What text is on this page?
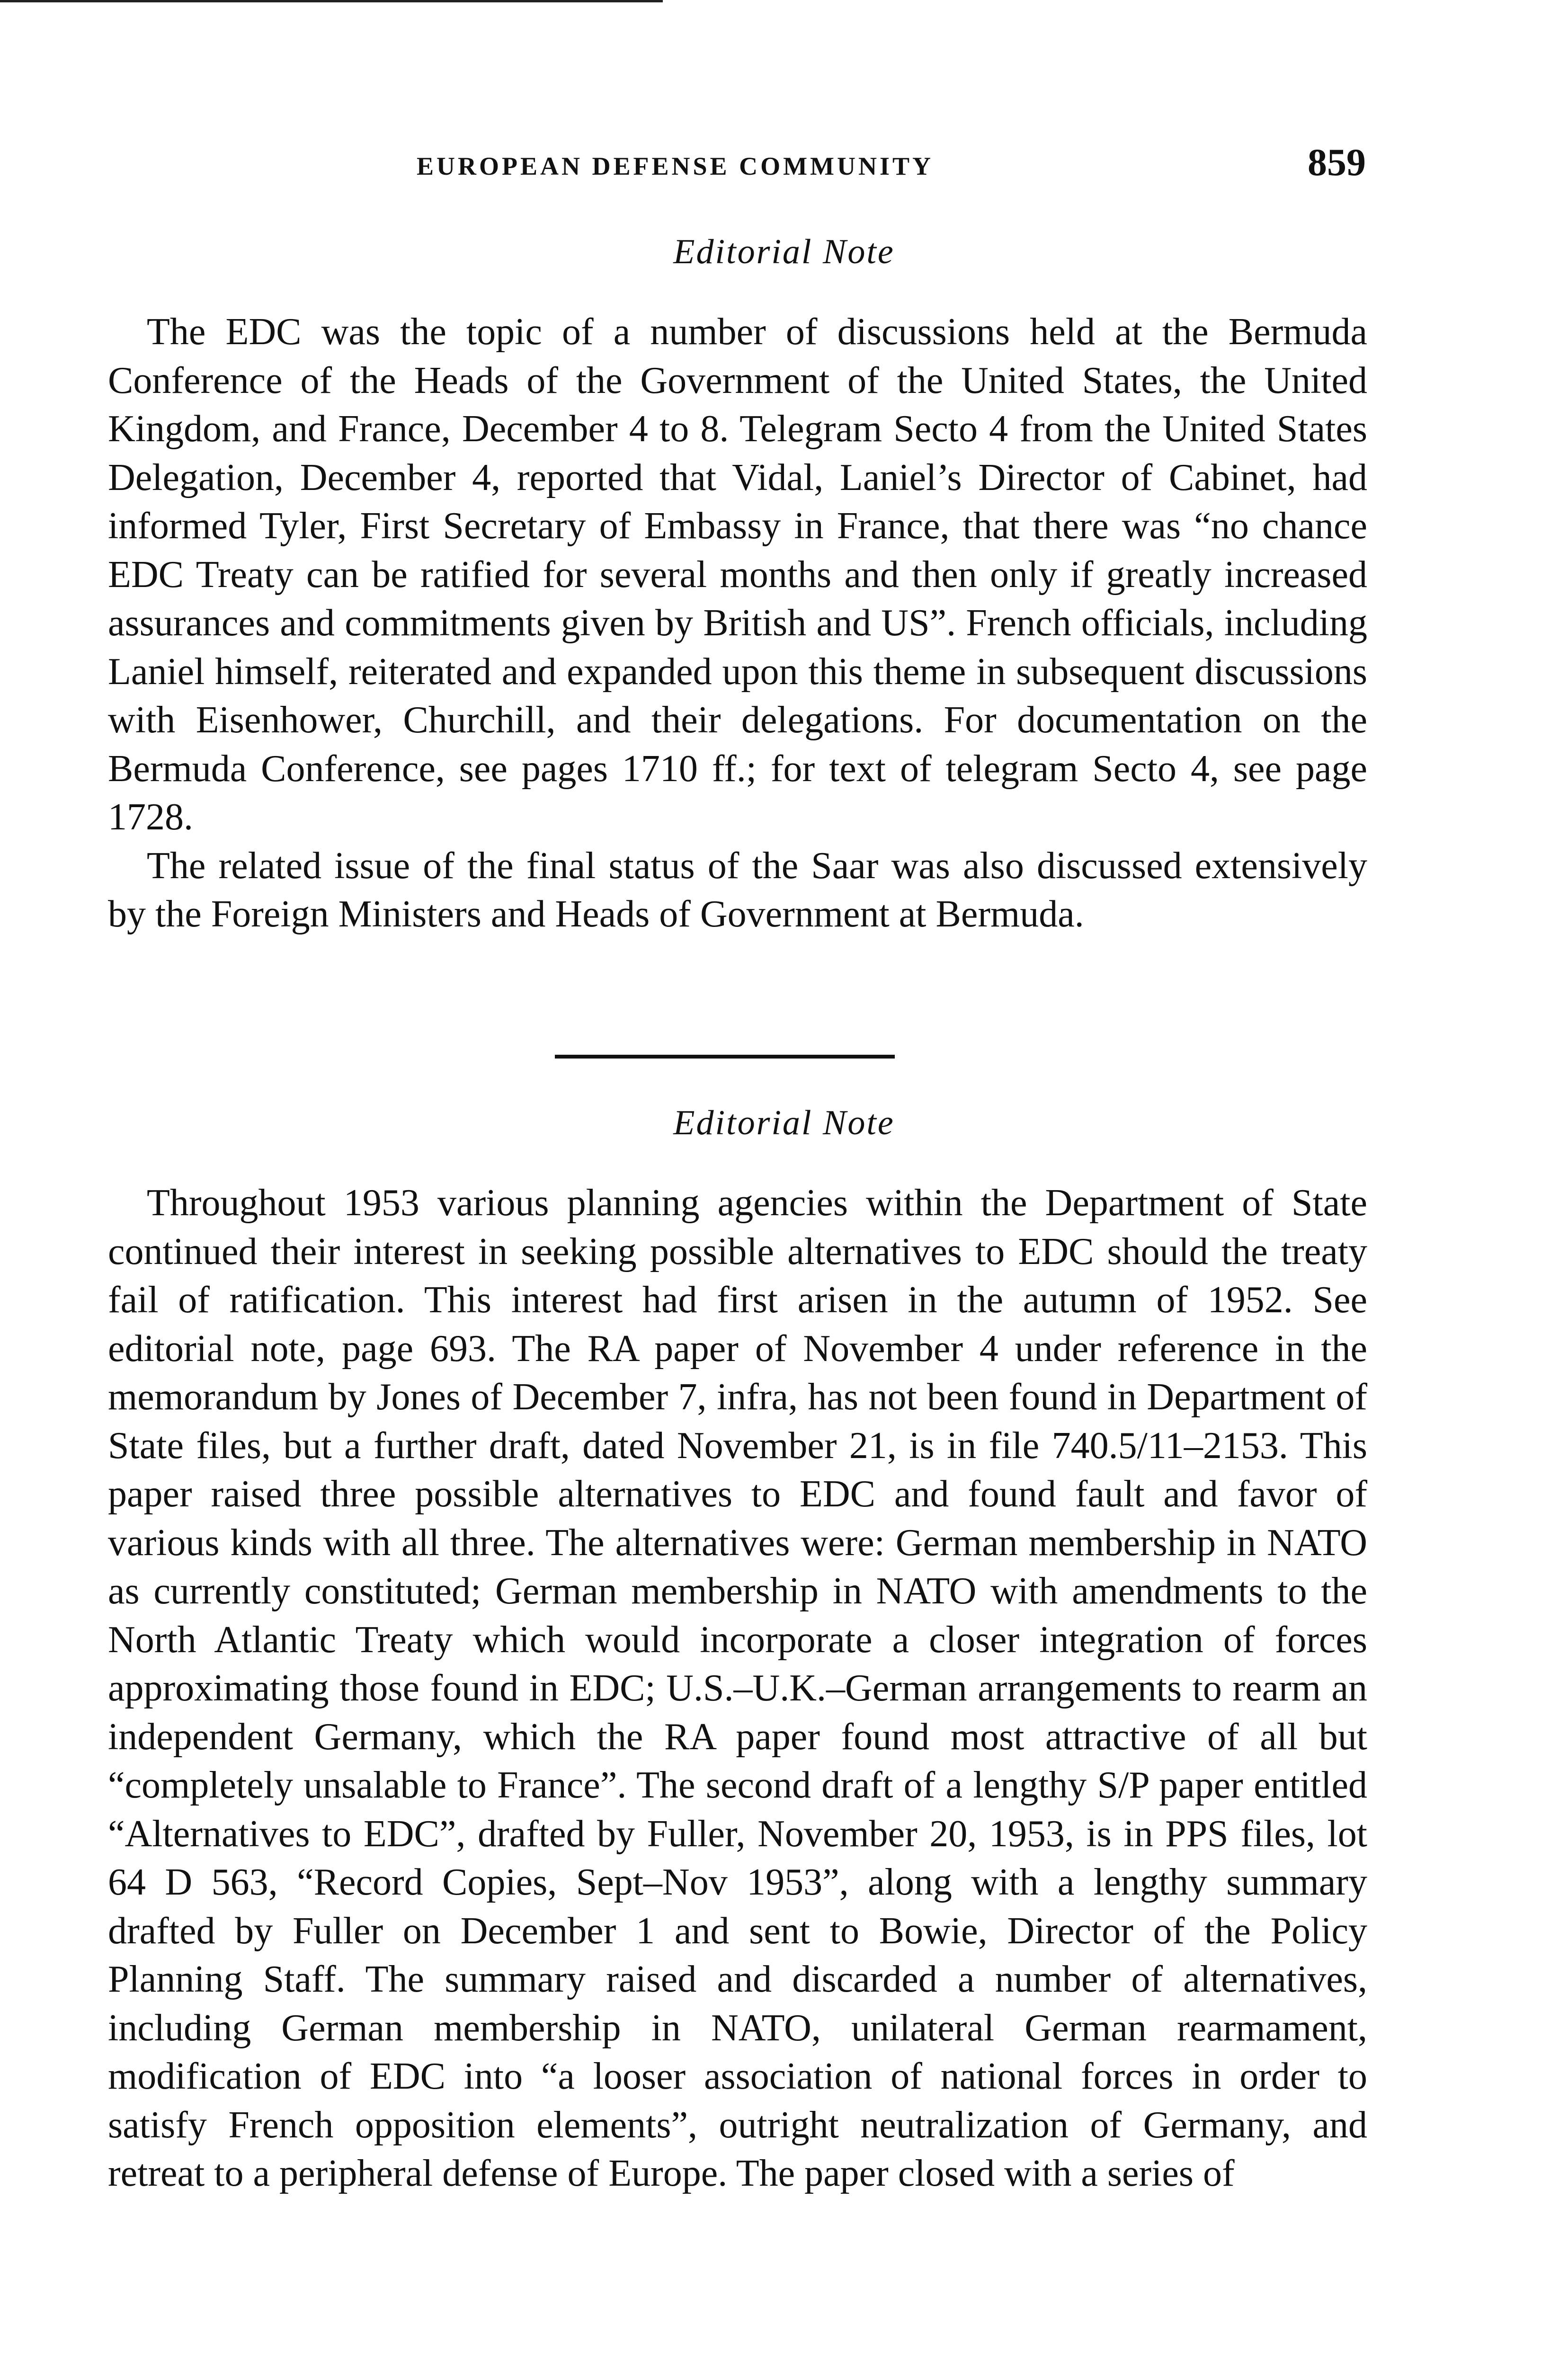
EUROPEAN DEFENSE COMMUNITY	859
Editorial Note

The EDC was the topic of a number of discussions held at the Bermuda Conference of the Heads of the Government of the United States, the United Kingdom, and France, December 4 to 8. Telegram Secto 4 from the United States Delegation, December 4, reported that Vidal, Laniel’s Director of Cabinet, had informed Tyler, First Secretary of Embassy in France, that there was “no chance EDC Treaty can be ratified for several months and then only if greatly increased assurances and commitments given by British and US”. French officials, including Laniel himself, reiterated and expanded upon this theme in subsequent discussions with Eisenhower, Churchill, and their delegations. For documentation on the Bermuda Conference, see pages 1710 ff.; for text of telegram Secto 4, see page 1728.

The related issue of the final status of the Saar was also discussed extensively by the Foreign Ministers and Heads of Government at Bermuda.

Editorial Note

Throughout 1953 various planning agencies within the Department of State continued their interest in seeking possible alternatives to EDC should the treaty fail of ratification. This interest had first arisen in the autumn of 1952. See editorial note, page 693. The RA paper of November 4 under reference in the memorandum by Jones of December 7, infra, has not been found in Department of State files, but a further draft, dated November 21, is in file 740.5/11–2153. This paper raised three possible alternatives to EDC and found fault and favor of various kinds with all three. The alternatives were: German membership in NATO as currently constituted; German membership in NATO with amendments to the North Atlantic Treaty which would incorporate a closer integration of forces approximating those found in EDC; U.S.–U.K.–German arrangements to rearm an independent Germany, which the RA paper found most attractive of all but “completely unsalable to France”. The second draft of a lengthy S/P paper entitled “Alternatives to EDC”, drafted by Fuller, November 20, 1953, is in PPS files, lot 64 D 563, “Record Copies, Sept–Nov 1953”, along with a lengthy summary drafted by Fuller on December 1 and sent to Bowie, Director of the Policy Planning Staff. The summary raised and discarded a number of alternatives, including German membership in NATO, unilateral German rearmament, modification of EDC into “a looser association of national forces in order to satisfy French opposition elements”, outright neutralization of Germany, and retreat to a peripheral defense of Europe. The paper closed with a series of
